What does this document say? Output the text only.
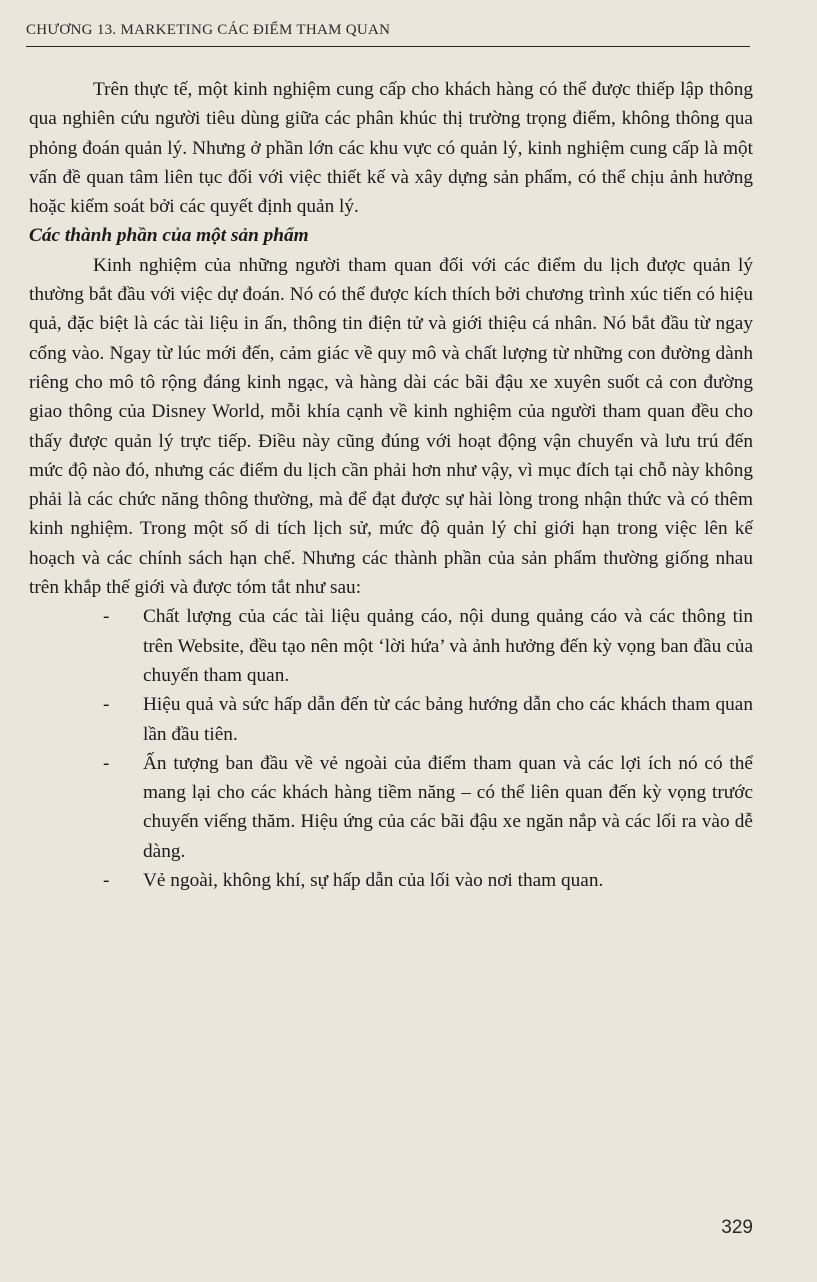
CHƯƠNG 13. MARKETING CÁC ĐIỂM THAM QUAN

Trên thực tế, một kinh nghiệm cung cấp cho khách hàng có thể được thiếp lập thông qua nghiên cứu người tiêu dùng giữa các phân khúc thị trường trọng điểm, không thông qua phỏng đoán quản lý. Nhưng ở phần lớn các khu vực có quản lý, kinh nghiệm cung cấp là một vấn đề quan tâm liên tục đối với việc thiết kế và xây dựng sản phẩm, có thể chịu ảnh hưởng hoặc kiểm soát bởi các quyết định quản lý.

Các thành phần của một sản phẩm

Kinh nghiệm của những người tham quan đối với các điểm du lịch được quản lý thường bắt đầu với việc dự đoán. Nó có thể được kích thích bởi chương trình xúc tiến có hiệu quả, đặc biệt là các tài liệu in ấn, thông tin điện tử và giới thiệu cá nhân. Nó bắt đầu từ ngay cổng vào. Ngay từ lúc mới đến, cảm giác về quy mô và chất lượng từ những con đường dành riêng cho mô tô rộng đáng kinh ngạc, và hàng dài các bãi đậu xe xuyên suốt cả con đường giao thông của Disney World, mỗi khía cạnh về kinh nghiệm của người tham quan đều cho thấy được quản lý trực tiếp. Điều này cũng đúng với hoạt động vận chuyển và lưu trú đến mức độ nào đó, nhưng các điểm du lịch cần phải hơn như vậy, vì mục đích tại chỗ này không phải là các chức năng thông thường, mà để đạt được sự hài lòng trong nhận thức và có thêm kinh nghiệm. Trong một số di tích lịch sử, mức độ quản lý chỉ giới hạn trong việc lên kế hoạch và các chính sách hạn chế. Nhưng các thành phần của sản phẩm thường giống nhau trên khắp thế giới và được tóm tắt như sau:

- Chất lượng của các tài liệu quảng cáo, nội dung quảng cáo và các thông tin trên Website, đều tạo nên một ‘lời hứa’ và ảnh hưởng đến kỳ vọng ban đầu của chuyến tham quan.
- Hiệu quả và sức hấp dẫn đến từ các bảng hướng dẫn cho các khách tham quan lần đầu tiên.
- Ấn tượng ban đầu về vẻ ngoài của điểm tham quan và các lợi ích nó có thể mang lại cho các khách hàng tiềm năng – có thể liên quan đến kỳ vọng trước chuyến viếng thăm. Hiệu ứng của các bãi đậu xe ngăn nắp và các lối ra vào dễ dàng.
- Vẻ ngoài, không khí, sự hấp dẫn của lối vào nơi tham quan.
329
